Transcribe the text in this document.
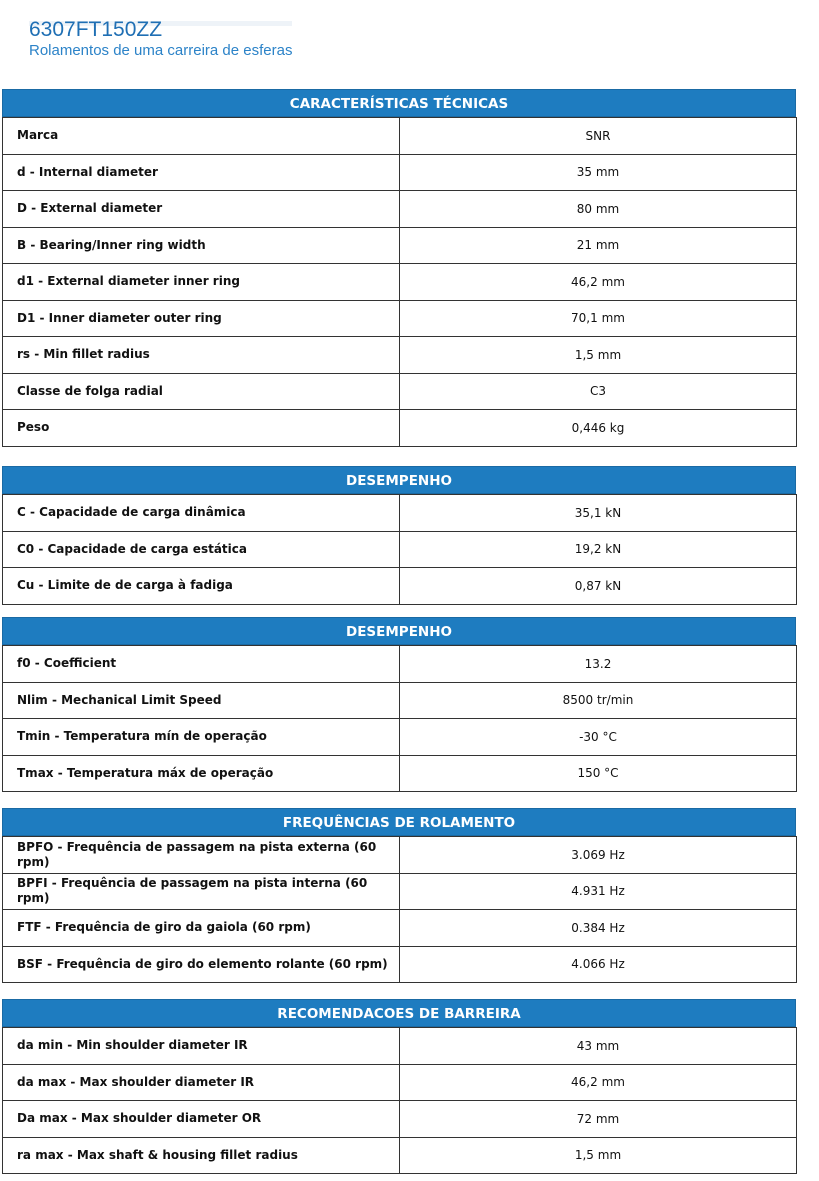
6307FT150ZZ
Rolamentos de uma carreira de esferas
CARACTERÍSTICAS TÉCNICAS
Marca	SNR
d - Internal diameter	35 mm
D - External diameter	80 mm
B - Bearing/Inner ring width	21 mm
d1 - External diameter inner ring	46,2 mm
D1 - Inner diameter outer ring	70,1 mm
rs - Min fillet radius	1,5 mm
Classe de folga radial	C3
Peso	0,446 kg
DESEMPENHO
C - Capacidade de carga dinâmica	35,1 kN
C0 - Capacidade de carga estática	19,2 kN
Cu - Limite de de carga à fadiga	0,87 kN
DESEMPENHO
f0 - Coefficient	13.2
Nlim - Mechanical Limit Speed	8500 tr/min
Tmin - Temperatura mín de operação	-30 °C
Tmax - Temperatura máx de operação	150 °C
FREQUÊNCIAS DE ROLAMENTO
BPFO - Frequência de passagem na pista externa (60 rpm)	3.069 Hz
BPFI - Frequência de passagem na pista interna (60 rpm)	4.931 Hz
FTF - Frequência de giro da gaiola (60 rpm)	0.384 Hz
BSF - Frequência de giro do elemento rolante (60 rpm)	4.066 Hz
RECOMENDACOES DE BARREIRA
da min - Min shoulder diameter IR	43 mm
da max - Max shoulder diameter IR	46,2 mm
Da max - Max shoulder diameter OR	72 mm
ra max - Max shaft & housing fillet radius	1,5 mm
